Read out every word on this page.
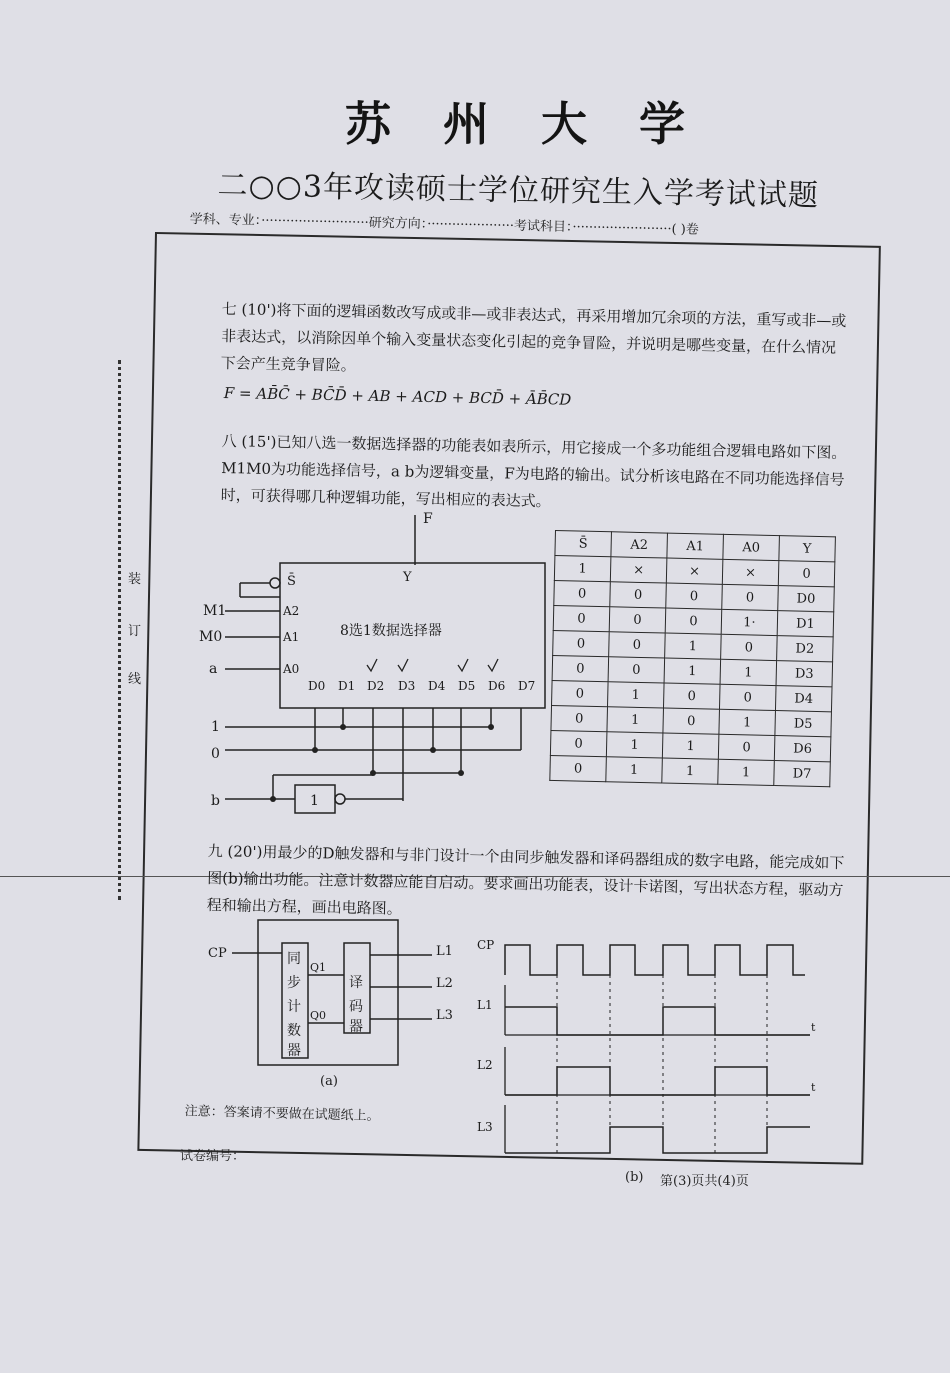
苏州大学
二○○3年攻读硕士学位研究生入学考试试题
学科、专业：··························研究方向：·····················考试科目：························( )卷
装
订
线
七 (10')将下面的逻辑函数改写成或非—或非表达式，再采用增加冗余项的方法，重写或非—或非表达式，以消除因单个输入变量状态变化引起的竞争冒险，并说明是哪些变量，在什么情况下会产生竞争冒险。
F = AB̄C̄ + BC̄D̄ + AB + ACD + BCD̄ + ĀB̄CD
八 (15')已知八选一数据选择器的功能表如表所示，用它接成一个多功能组合逻辑电路如下图。M1M0为功能选择信号，a b为逻辑变量，F为电路的输出。试分析该电路在不同功能选择信号时，可获得哪几种逻辑功能，写出相应的表达式。
F
Y
S̄
8选1数据选择器
A2
A1
A0
M1
M0
a
D0 D1 D2 D3 D4 D5 D6 D7
1
0
b	1
S̄	A2	A1	A0	Y
1	×	×	×	0
0	0	0	0	D0
0	0	0	1·	D1
0	0	1	0	D2
0	0	1	1	D3
0	1	0	0	D4
0	1	0	1	D5
0	1	1	0	D6
0	1	1	1	D7
九 (20')用最少的D触发器和与非门设计一个由同步触发器和译码器组成的数字电路，能完成如下图(b)输出功能。注意计数器应能自启动。要求画出功能表，设计卡诺图，写出状态方程，驱动方程和输出方程，画出电路图。
CP	同
步
计
数
器
Q1
Q0
译
码
器
L1
L2
L3
(a)
CP
L1
L2
L3
t
t
注意：答案请不要做在试题纸上。
试卷编号：
(b) 第(3)页共(4)页
